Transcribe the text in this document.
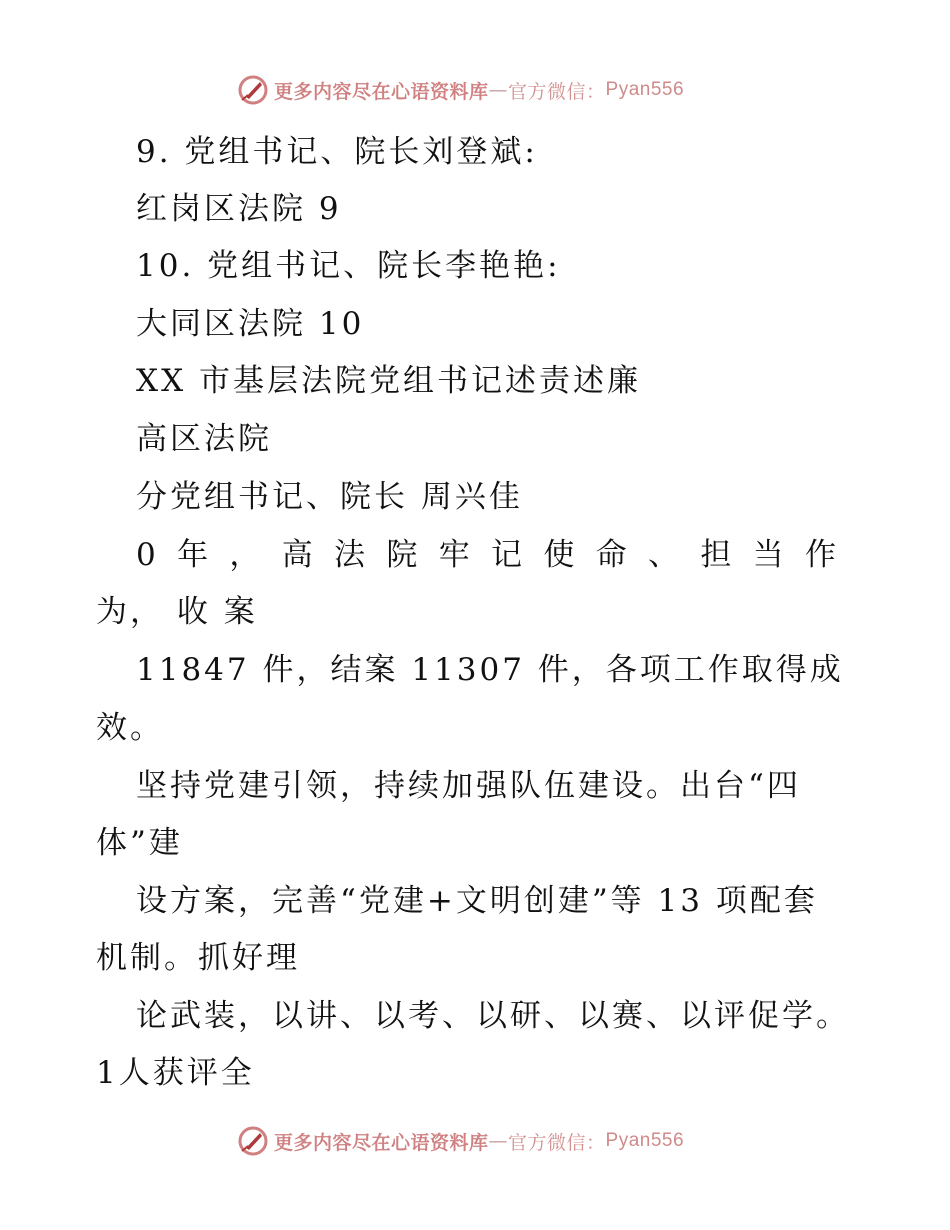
更多内容尽在心语资料库 — 官方微信： Pyan556
9. 党组书记、院长刘登斌:
红岗区法院 9
10. 党组书记、院长李艳艳:
大同区法院 10
XX 市基层法院党组书记述责述廉
高区法院
分党组书记、院长 周兴佳
0 年 ， 高 法 院 牢 记 使 命 、 担 当 作
为， 收 案
11847 件，结案 11307 件，各项工作取得成
效。
坚持党建引领，持续加强队伍建设。出台“四
体”建
设方案，完善“党建+文明创建”等 13 项配套
机制。抓好理
论武装，以讲、以考、以研、以赛、以评促学。
1人获评全
更多内容尽在心语资料库 — 官方微信： Pyan556
